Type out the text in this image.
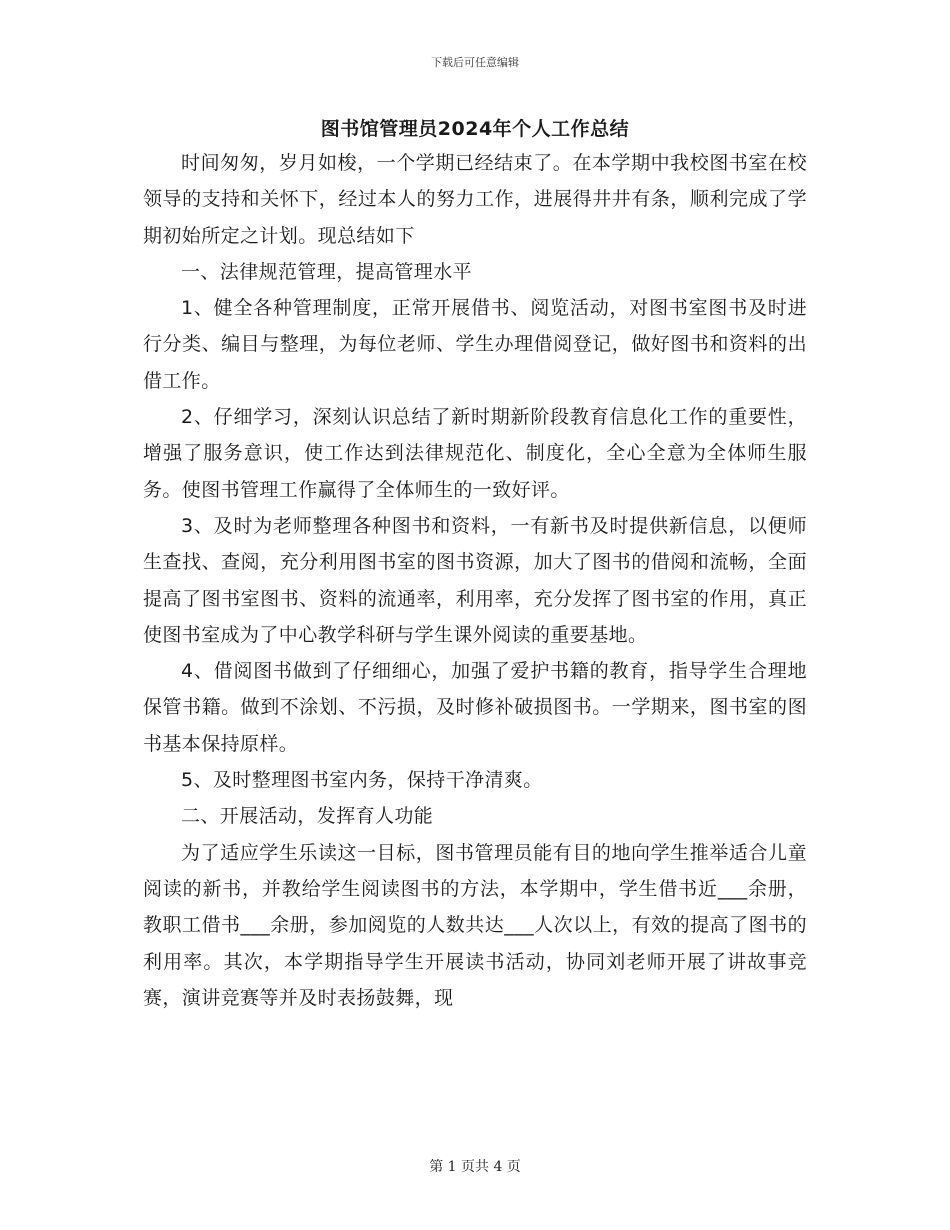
下载后可任意编辑
图书馆管理员2024年个人工作总结

时间匆匆，岁月如梭，一个学期已经结束了。在本学期中我校图书室在校领导的支持和关怀下，经过本人的努力工作，进展得井井有条，顺利完成了学期初始所定之计划。现总结如下

一、法律规范管理，提高管理水平

1、健全各种管理制度，正常开展借书、阅览活动，对图书室图书及时进行分类、编目与整理，为每位老师、学生办理借阅登记，做好图书和资料的出借工作。

2、仔细学习，深刻认识总结了新时期新阶段教育信息化工作的重要性，增强了服务意识，使工作达到法律规范化、制度化，全心全意为全体师生服务。使图书管理工作赢得了全体师生的一致好评。

3、及时为老师整理各种图书和资料，一有新书及时提供新信息，以便师生查找、查阅，充分利用图书室的图书资源，加大了图书的借阅和流畅，全面提高了图书室图书、资料的流通率，利用率，充分发挥了图书室的作用，真正使图书室成为了中心教学科研与学生课外阅读的重要基地。

4、借阅图书做到了仔细细心，加强了爱护书籍的教育，指导学生合理地保管书籍。做到不涂划、不污损，及时修补破损图书。一学期来，图书室的图书基本保持原样。

5、及时整理图书室内务，保持干净清爽。

二、开展活动，发挥育人功能

为了适应学生乐读这一目标，图书管理员能有目的地向学生推举适合儿童阅读的新书，并教给学生阅读图书的方法，本学期中，学生借书近___余册，教职工借书___余册，参加阅览的人数共达___人次以上，有效的提高了图书的利用率。其次，本学期指导学生开展读书活动，协同刘老师开展了讲故事竞赛，演讲竞赛等并及时表扬鼓舞，现

第 1 页共 4 页
